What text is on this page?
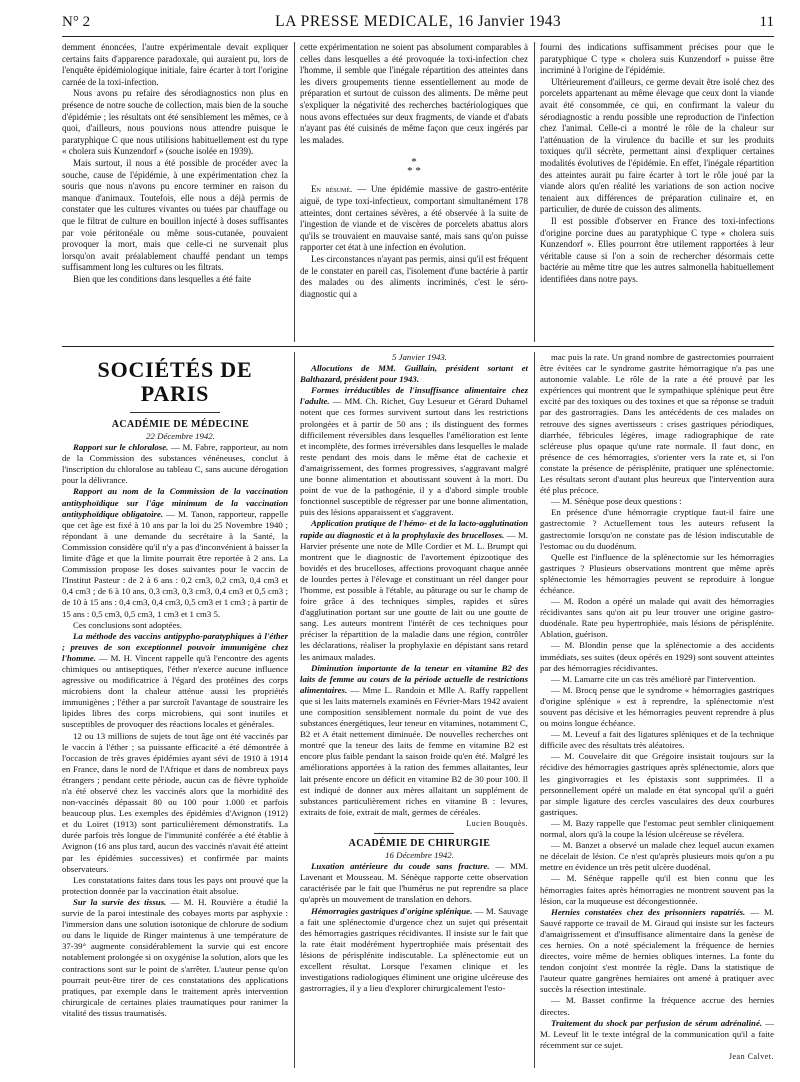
N° 2	LA PRESSE MEDICALE, 16 Janvier 1943	11

demment énoncées, l'autre expérimentale devait expliquer certains faits d'apparence paradoxale, qui auraient pu, lors de l'enquête épidémiologique initiale, faire écarter à tort l'origine carnée de la toxi-infection.

Nous avons pu refaire des sérodiagnostics non plus en présence de notre souche de collection, mais bien de la souche d'épidémie ; les résultats ont été sensiblement les mêmes, ce à quoi, d'ailleurs, nous pouvions nous attendre puisque le paratyphique C que nous utilisions habituellement est du type « cholera suis Kunzendorf » (souche isolée en 1939).

Mais surtout, il nous a été possible de procéder avec la souche, cause de l'épidémie, à une expérimentation chez la souris que nous n'avons pu encore terminer en raison du manque d'animaux. Toutefois, elle nous a déjà permis de constater que les cultures vivantes ou tuées par chauffage ou que le filtrat de culture en bouillon injecté à doses suffisantes par voie péritonéale ou même sous-cutanée, pouvaient provoquer la mort, mais que celle-ci ne survenait plus lorsqu'on avait préalablement chauffé pendant un temps suffisamment long les cultures ou les filtrats.

Bien que les conditions dans lesquelles a été faite

cette expérimentation ne soient pas absolument comparables à celles dans lesquelles a été provoquée la toxi-infection chez l'homme, il semble que l'inégale répartition des atteintes dans les divers groupements tienne essentiellement au mode de préparation et surtout de cuisson des aliments. De même peut s'expliquer la négativité des recherches bactériologiques que nous avons effectuées sur deux fragments, de viande et d'abats n'ayant pas été cuisinés de même façon que ceux ingérés par les malades.

*
* *

En résumé. — Une épidémie massive de gastro-entérite aiguë, de type toxi-infectieux, comportant simultanément 178 atteintes, dont certaines sévères, a été observée à la suite de l'ingestion de viande et de viscères de porcelets abattus alors qu'ils se trouvaient en mauvaise santé, mais sans qu'on puisse rapporter cet état à une infection en évolution.

Les circonstances n'ayant pas permis, ainsi qu'il est fréquent de le constater en pareil cas, l'isolement d'une bactérie à partir des malades ou des aliments incriminés, c'est le séro-diagnostic qui a

fourni des indications suffisamment précises pour que le paratyphique C type « cholera suis Kunzendorf » puisse être incriminé à l'origine de l'épidémie.

Ultérieurement d'ailleurs, ce germe devait être isolé chez des porcelets appartenant au même élevage que ceux dont la viande avait été consommée, ce qui, en confirmant la valeur du sérodiagnostic a rendu possible une reproduction de l'infection chez l'animal. Celle-ci a montré le rôle de la chaleur sur l'atténuation de la virulence du bacille et sur les produits toxiques qu'il sécrète, permettant ainsi d'expliquer certaines modalités évolutives de l'épidémie. En effet, l'inégale répartition des atteintes aurait pu faire écarter à tort le rôle joué par la viande alors qu'en réalité les variations de son action nocive tenaient aux différences de préparation culinaire et, en particulier, de durée de cuisson des aliments.

Il est possible d'observer en France des toxi-infections d'origine porcine dues au paratyphique C type « cholera suis Kunzendorf ». Elles pourront être utilement rapportées à leur véritable cause si l'on a soin de rechercher désormais cette bactérie au même titre que les autres salmonella habituellement identifiées dans notre pays.

SOCIÉTÉS DE PARIS

ACADÉMIE DE MÉDECINE

22 Décembre 1942.

Rapport sur le chloralose. — M. Fabre, rapporteur, au nom de la Commission des substances vénéneuses, conclut à l'inscription du chloralose au tableau C, sans aucune dérogation pour la délivrance.

Rapport au nom de la Commission de la vaccination antityphoïdique sur l'âge minimum de la vaccination antityphoïdique obligatoire. — M. Tanon, rapporteur, rappelle que cet âge est fixé à 10 ans par la loi du 25 Novembre 1940 ; répondant à une demande du secrétaire à la Santé, la Commission considère qu'il n'y a pas d'inconvénient à baisser la limite d'âge et que la limite pourrait être reportée à 2 ans. La Commission propose les doses suivantes pour le vaccin de l'Institut Pasteur : de 2 à 6 ans : 0,2 cm3, 0,2 cm3, 0,4 cm3 et 0,4 cm3 ; de 6 à 10 ans, 0,3 cm3, 0,3 cm3, 0,4 cm3 et 0,5 cm3 ; de 10 à 15 ans : 0,4 cm3, 0,4 cm3, 0,5 cm3 et 1 cm3 ; à partir de 15 ans : 0,5 cm3, 0,5 cm3, 1 cm3 et 1 cm3 5.

Ces conclusions sont adoptées.

La méthode des vaccins antipypho-paratyphiques à l'éther ; preuves de son exceptionnel pouvoir immunigène chez l'homme. — M. H. Vincent rappelle qu'à l'encontre des agents chimiques ou antiseptiques, l'éther n'exerce aucune influence agressive ou modificatrice à l'égard des protéines des corps microbiens dont la chaleur atténue aussi les propriétés immunigènes ; l'éther a par surcroît l'avantage de soustraire les lipides libres des corps microbiens, qui sont inutiles et susceptibles de provoquer des réactions locales et générales.

12 ou 13 millions de sujets de tout âge ont été vaccinés par le vaccin à l'éther ; sa puissante efficacité a été démontrée à l'occasion de très graves épidémies ayant sévi de 1910 à 1914 en France, dans le nord de l'Afrique et dans de nombreux pays étrangers ; pendant cette période, aucun cas de fièvre typhoïde n'a été observé chez les vaccinés alors que la morbidité des non-vaccinés dépassait 80 ou 100 pour 1.000 et parfois beaucoup plus. Les exemples des épidémies d'Avignon (1912) et du Loiret (1913) sont particulièrement démonstratifs. La durée parfois très longue de l'immunité conférée a été établie à Avignon (16 ans plus tard, aucun des vaccinés n'avait été atteint par les épidémies successives) et confirmée par maints observateurs.

Les constatations faites dans tous les pays ont prouvé que la protection donnée par la vaccination était absolue.

Sur la survie des tissus. — M. H. Rouvière a étudié la survie de la paroi intestinale des cobayes morts par asphyxie : l'immersion dans une solution isotonique de chlorure de sodium ou dans le liquide de Ringer maintenus à une température de 37-39° augmente considérablement la survie qui est encore notablement prolongée si on oxygénise la solution, alors que les contractions sont sur le point de s'arrêter. L'auteur pense qu'on pourrait peut-être tirer de ces constatations des applications pratiques, par exemple dans le traitement après intervention chirurgicale de certaines plaies traumatiques pour ranimer la vitalité des tissus traumatisés.

5 Janvier 1943.

Allocutions de MM. Guillain, président sortant et Balthazard, président pour 1943.

Formes irréductibles de l'insuffisance alimentaire chez l'adulte. — MM. Ch. Richet, Guy Lesueur et Gérard Duhamel notent que ces formes survivent surtout dans les restrictions prolongées et à partir de 50 ans ; ils distinguent des formes difficilement réversibles dans lesquelles l'amélioration est lente et incomplète, des formes irréversibles dans lesquelles le malade reste pendant des mois dans le même état de cachexie et d'amaigrissement, des formes progressives, s'aggravant malgré une bonne alimentation et aboutissant souvent à la mort. Du point de vue de la pathogénie, il y a d'abord simple trouble fonctionnel susceptible de régresser par une bonne alimentation, puis des lésions apparaissent et s'aggravent.

Application pratique de l'hémo- et de la lacto-agglutination rapide au diagnostic et à la prophylaxie des brucelloses. — M. Harvier présente une note de Mlle Cordier et M. L. Brumpt qui montrent que le diagnostic de l'avortement épizootique des bovidés et des brucelloses, affections provoquant chaque année de lourdes pertes à l'élevage et constituant un réel danger pour l'homme, est possible à l'étable, au pâturage ou sur le champ de foire grâce à des techniques simples, rapides et sûres d'agglutination portant sur une goutte de lait ou une goutte de sang. Les auteurs montrent l'intérêt de ces techniques pour préciser la répartition de la maladie dans une région, contrôler les déclarations, réaliser la prophylaxie en dépistant sans retard les animaux malades.

Diminution importante de la teneur en vitamine B2 des laits de femme au cours de la période actuelle de restrictions alimentaires. — Mme L. Randoin et Mlle A. Raffy rappellent que si les laits maternels examinés en Février-Mars 1942 avaient une composition sensiblement normale du point de vue des substances énergétiques, leur teneur en vitamines, notamment C, B2 et A était nettement diminuée. De nouvelles recherches ont montré que la teneur des laits de femme en vitamine B2 est encore plus faible pendant la saison froide qu'en été. Malgré les améliorations apportées à la ration des femmes allaitantes, leur lait présente encore un déficit en vitamine B2 de 30 pour 100. Il est indiqué de donner aux mères allaitant un supplément de substances particulièrement riches en vitamine B : levures, extraits de foie, extrait de malt, germes de céréales.

Lucien Bouquès.

ACADÉMIE DE CHIRURGIE

16 Décembre 1942.

Luxation antérieure du coude sans fracture. — MM. Lavenant et Mousseau. M. Sénèque rapporte cette observation caractérisée par le fait que l'humérus ne put reprendre sa place qu'après un mouvement de translation en dehors.

Hémorragies gastriques d'origine splénique. — M. Sauvage a fait une splénectomie d'urgence chez un sujet qui présentait des hémorragies gastriques récidivantes. Il insiste sur le fait que la rate était modérément hypertrophiée mais présentait des lésions de périsplénite indiscutable. La splénectomie eut un excellent résultat. Lorsque l'examen clinique et les investigations radiologiques éliminent une origine ulcéreuse des gastrorragies, il y a lieu d'explorer chirurgicalement l'esto-

mac puis la rate. Un grand nombre de gastrectomies pourraient être évitées car le syndrome gastrite hémorragique n'a pas une autonomie valable. Le rôle de la rate a été prouvé par les expériences qui montrent que le sympathique splénique peut être excité par des toxiques ou des toxines et que sa réponse se traduit par des gastrorragies. Dans les antécédents de ces malades on retrouve des signes avertisseurs : crises gastriques périodiques, diarrhée, fébricules légères, image radiographique de rate scléreuse plus opaque qu'une rate normale. Il faut donc, en présence de ces hémorragies, s'orienter vers la rate et, si l'on constate la présence de périsplénite, pratiquer une splénectomie. Les résultats seront d'autant plus heureux que l'intervention aura été plus précoce.

— M. Sénèque pose deux questions :

En présence d'une hémorragie cryptique faut-il faire une gastrectomie ? Actuellement tous les auteurs refusent la gastrectomie lorsqu'on ne constate pas de lésion indiscutable de l'estomac ou du duodénum.

Quelle est l'influence de la splénectomie sur les hémorragies gastriques ? Plusieurs observations montrent que même après splénectomie les hémorragies peuvent se reproduire à longue échéance.

— M. Rodon a opéré un malade qui avait des hémorragies récidivantes sans qu'on ait pu leur trouver une origine gastro-duodénale. Rate peu hypertrophiée, mais lésions de périsplénite. Ablation, guérison.

— M. Blondin pense que la splénectomie a des accidents immédiats, ses suites (deux opérés en 1929) sont souvent atteintes par des hémorragies récidivantes.

— M. Lamarre cite un cas très amélioré par l'intervention.

— M. Brocq pense que le syndrome « hémorragies gastriques d'origine splénique » est à reprendre, la splénectomie n'est souvent pas décisive et les hémorragies peuvent reprendre à plus ou moins longue échéance.

— M. Leveuf a fait des ligatures spléniques et de la technique difficile avec des résultats très aléatoires.

— M. Couvelaire dit que Grégoire insistait toujours sur la récidive des hémorragies gastriques après splénectomie, alors que les gingivorragies et les épistaxis sont supprimées. Il a personnellement opéré un malade en état syncopal qu'il a guéri par simple ligature des cercles vasculaires des deux courbures gastriques.

— M. Bazy rappelle que l'estomac peut sembler cliniquement normal, alors qu'à la coupe la lésion ulcéreuse se révélera.

— M. Banzet a observé un malade chez lequel aucun examen ne décelait de lésion. Ce n'est qu'après plusieurs mois qu'on a pu mettre en évidence un très petit ulcère duodénal.

— M. Sénèque rappelle qu'il est bien connu que les hémorragies faites après hémorragies ne montrent souvent pas la lésion, car la muqueuse est décongestionnée.

Hernies constatées chez des prisonniers rapatriés. — M. Sauvé rapporte ce travail de M. Giraud qui insiste sur les facteurs d'amaigrissement et d'insuffisance alimentaire dans la genèse de ces hernies. On a noté spécialement la fréquence de hernies directes, voire même de hernies obliques internes. La fonte du tendon conjoint s'est montrée la règle. Dans la statistique de l'auteur quatre gangrènes herniaires ont amené à pratiquer avec succès la résection intestinale.

— M. Basset confirme la fréquence accrue des hernies directes.

Traitement du shock par perfusion de sérum adrénaliné. — M. Leveuf lit le texte intégral de la communication qu'il a faite récemment sur ce sujet.

Jean Calvet.
